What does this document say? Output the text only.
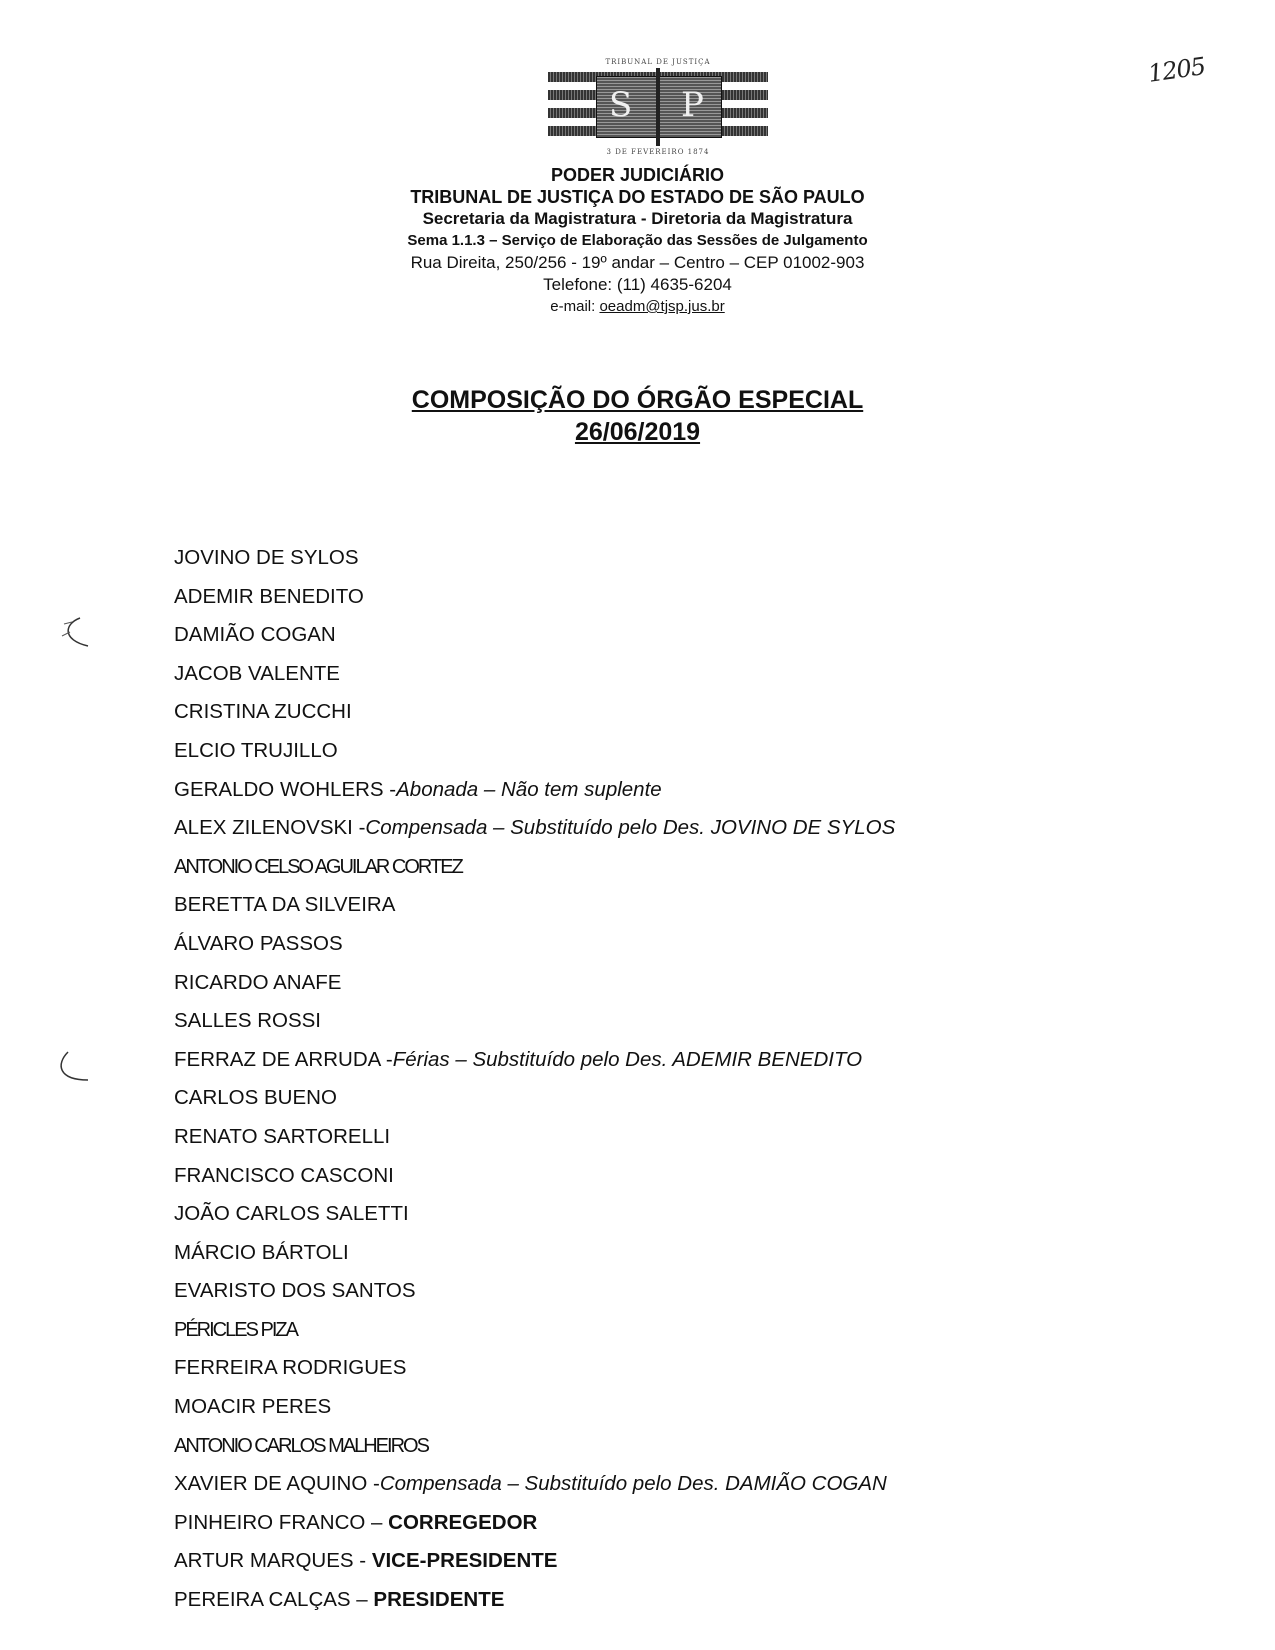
1205
TRIBUNAL DE JUSTIÇA
S P
3 DE FEVEREIRO 1874
PODER JUDICIÁRIO
TRIBUNAL DE JUSTIÇA DO ESTADO DE SÃO PAULO
Secretaria da Magistratura - Diretoria da Magistratura
Sema 1.1.3 – Serviço de Elaboração das Sessões de Julgamento
Rua Direita, 250/256 - 19º andar – Centro – CEP 01002-903
Telefone: (11) 4635-6204
e-mail: oeadm@tjsp.jus.br
COMPOSIÇÃO DO ÓRGÃO ESPECIAL
26/06/2019
JOVINO DE SYLOS
ADEMIR BENEDITO
DAMIÃO COGAN
JACOB VALENTE
CRISTINA ZUCCHI
ELCIO TRUJILLO
GERALDO WOHLERS -Abonada – Não tem suplente
ALEX ZILENOVSKI -Compensada – Substituído pelo Des. JOVINO DE SYLOS
ANTONIO CELSO AGUILAR CORTEZ
BERETTA DA SILVEIRA
ÁLVARO PASSOS
RICARDO ANAFE
SALLES ROSSI
FERRAZ DE ARRUDA -Férias – Substituído pelo Des. ADEMIR BENEDITO
CARLOS BUENO
RENATO SARTORELLI
FRANCISCO CASCONI
JOÃO CARLOS SALETTI
MÁRCIO BÁRTOLI
EVARISTO DOS SANTOS
PÉRICLES PIZA
FERREIRA RODRIGUES
MOACIR PERES
ANTONIO CARLOS MALHEIROS
XAVIER DE AQUINO -Compensada – Substituído pelo Des. DAMIÃO COGAN
PINHEIRO FRANCO – CORREGEDOR
ARTUR MARQUES - VICE-PRESIDENTE
PEREIRA CALÇAS – PRESIDENTE
